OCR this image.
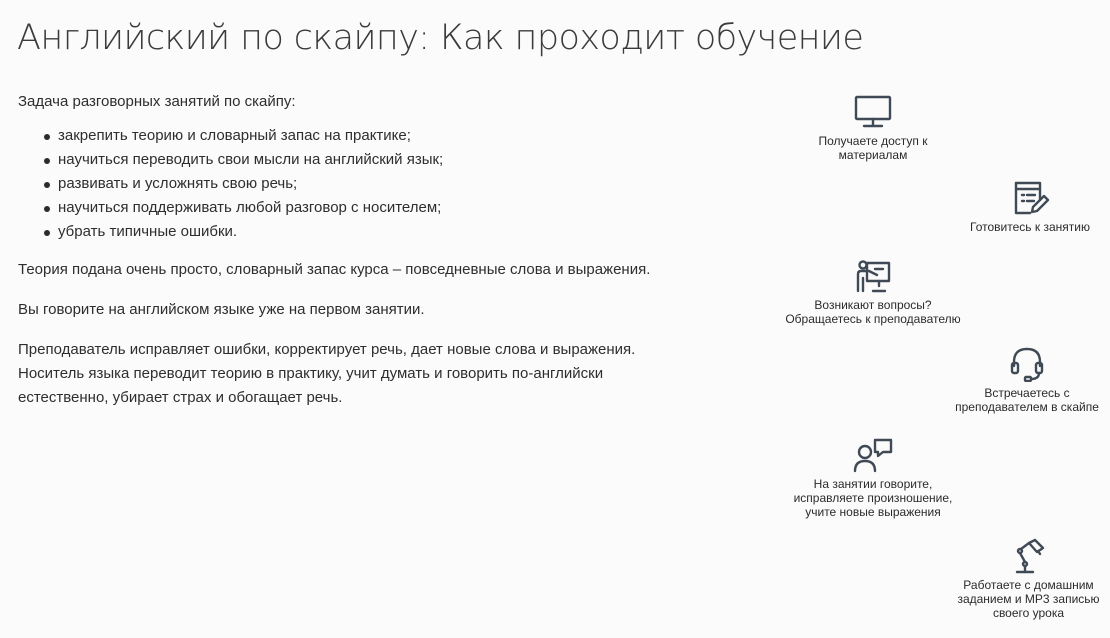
Английский по скайпу: Как проходит обучение

Задача разговорных занятий по скайпу:

закрепить теорию и словарный запас на практике;
научиться переводить свои мысли на английский язык;
развивать и усложнять свою речь;
научиться поддерживать любой разговор с носителем;
убрать типичные ошибки.

Теория подана очень просто, словарный запас курса – повседневные слова и выражения.

Вы говорите на английском языке уже на первом занятии.

Преподаватель исправляет ошибки, корректирует речь, дает новые слова и выражения.
Носитель языка переводит теорию в практику, учит думать и говорить по-английски
естественно, убирает страх и обогащает речь.

Получаете доступ к
материалам
Готовитесь к занятию
Возникают вопросы?
Обращаетесь к преподавателю
Встречаетесь с
преподавателем в скайпе
На занятии говорите,
исправляете произношение,
учите новые выражения
Работаете с домашним
заданием и MP3 записью
своего урока
